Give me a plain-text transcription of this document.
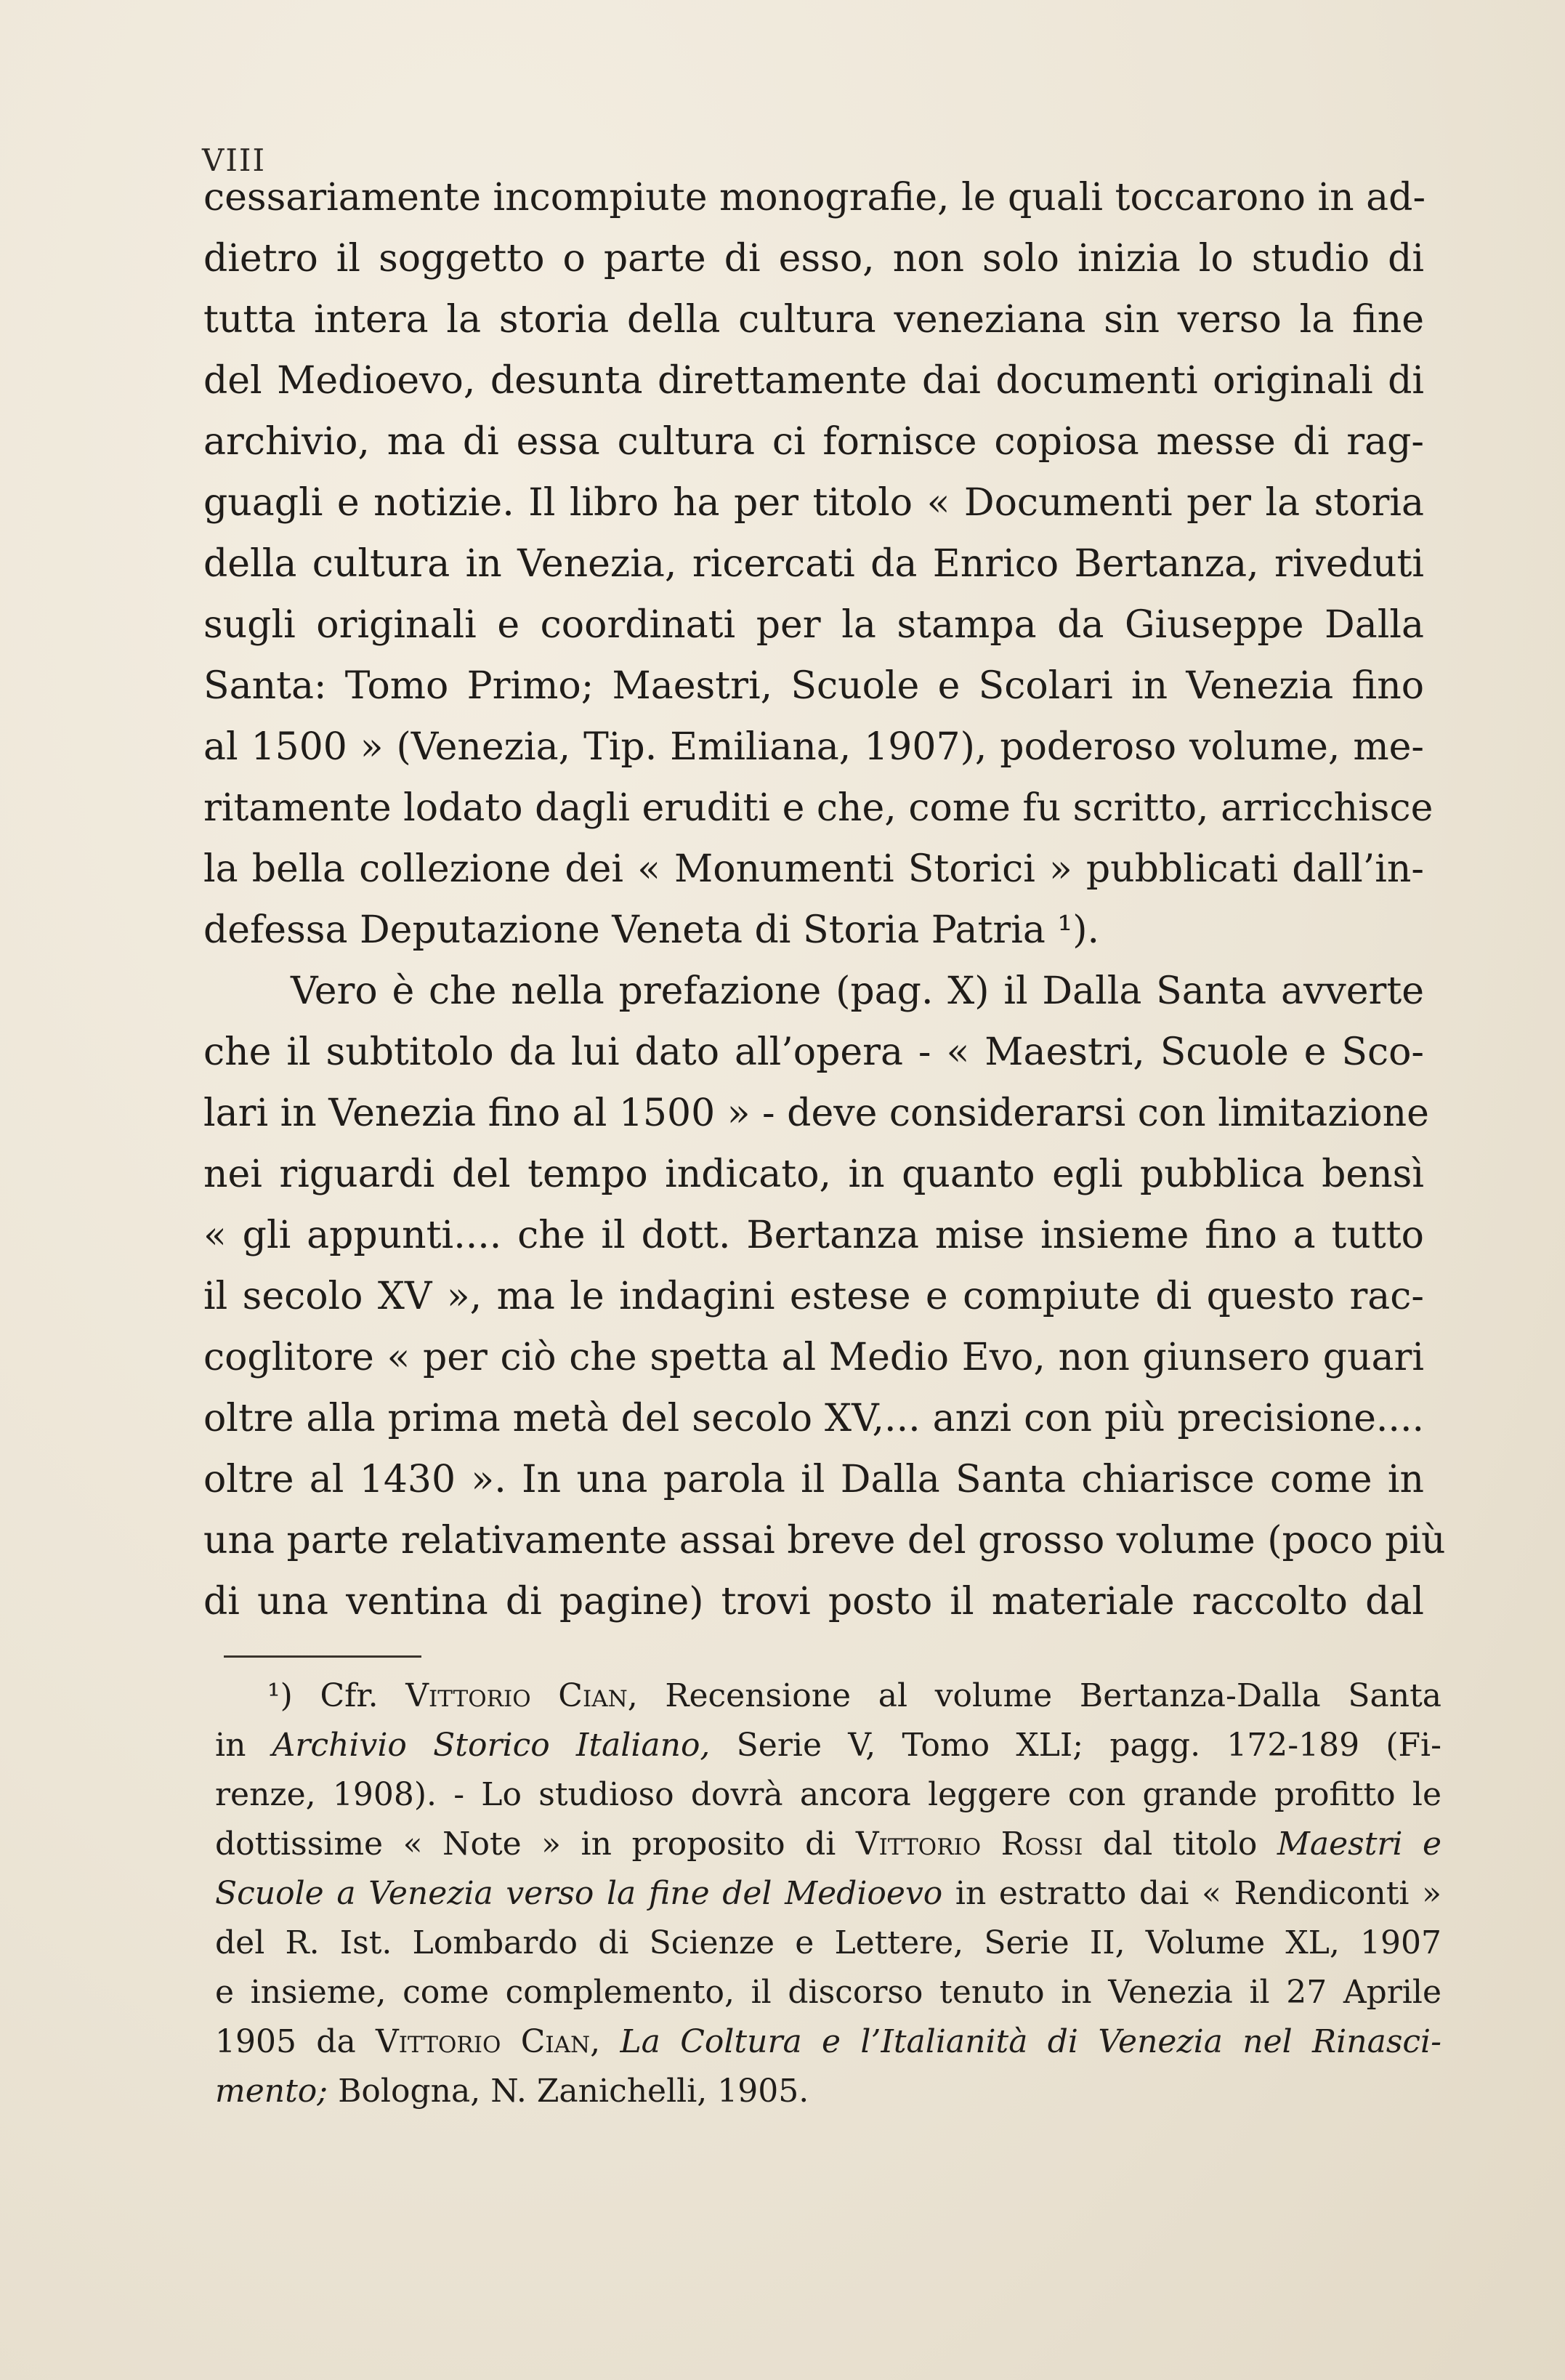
VIII
cessariamente incompiute monografie, le quali toccarono in ad-
dietro il soggetto o parte di esso, non solo inizia lo studio di
tutta intera la storia della cultura veneziana sin verso la fine
del Medioevo, desunta direttamente dai documenti originali di
archivio, ma di essa cultura ci fornisce copiosa messe di rag-
guagli e notizie. Il libro ha per titolo « Documenti per la storia
della cultura in Venezia, ricercati da Enrico Bertanza, riveduti
sugli originali e coordinati per la stampa da Giuseppe Dalla
Santa: Tomo Primo; Maestri, Scuole e Scolari in Venezia fino
al 1500 » (Venezia, Tip. Emiliana, 1907), poderoso volume, me-
ritamente lodato dagli eruditi e che, come fu scritto, arricchisce
la bella collezione dei « Monumenti Storici » pubblicati dall’in-
defessa Deputazione Veneta di Storia Patria ¹).
Vero è che nella prefazione (pag. X) il Dalla Santa avverte
che il subtitolo da lui dato all’opera - « Maestri, Scuole e Sco-
lari in Venezia fino al 1500 » - deve considerarsi con limitazione
nei riguardi del tempo indicato, in quanto egli pubblica bensì
« gli appunti.... che il dott. Bertanza mise insieme fino a tutto
il secolo XV », ma le indagini estese e compiute di questo rac-
coglitore « per ciò che spetta al Medio Evo, non giunsero guari
oltre alla prima metà del secolo XV,... anzi con più precisione....
oltre al 1430 ». In una parola il Dalla Santa chiarisce come in
una parte relativamente assai breve del grosso volume (poco più
di una ventina di pagine) trovi posto il materiale raccolto dal
¹) Cfr. Vittorio Cian, Recensione al volume Bertanza-Dalla Santa
in Archivio Storico Italiano, Serie V, Tomo XLI; pagg. 172-189 (Fi-
renze, 1908). - Lo studioso dovrà ancora leggere con grande profitto le
dottissime « Note » in proposito di Vittorio Rossi dal titolo Maestri e
Scuole a Venezia verso la fine del Medioevo in estratto dai « Rendiconti »
del R. Ist. Lombardo di Scienze e Lettere, Serie II, Volume XL, 1907
e insieme, come complemento, il discorso tenuto in Venezia il 27 Aprile
1905 da Vittorio Cian, La Coltura e l’Italianità di Venezia nel Rinasci-
mento; Bologna, N. Zanichelli, 1905.
